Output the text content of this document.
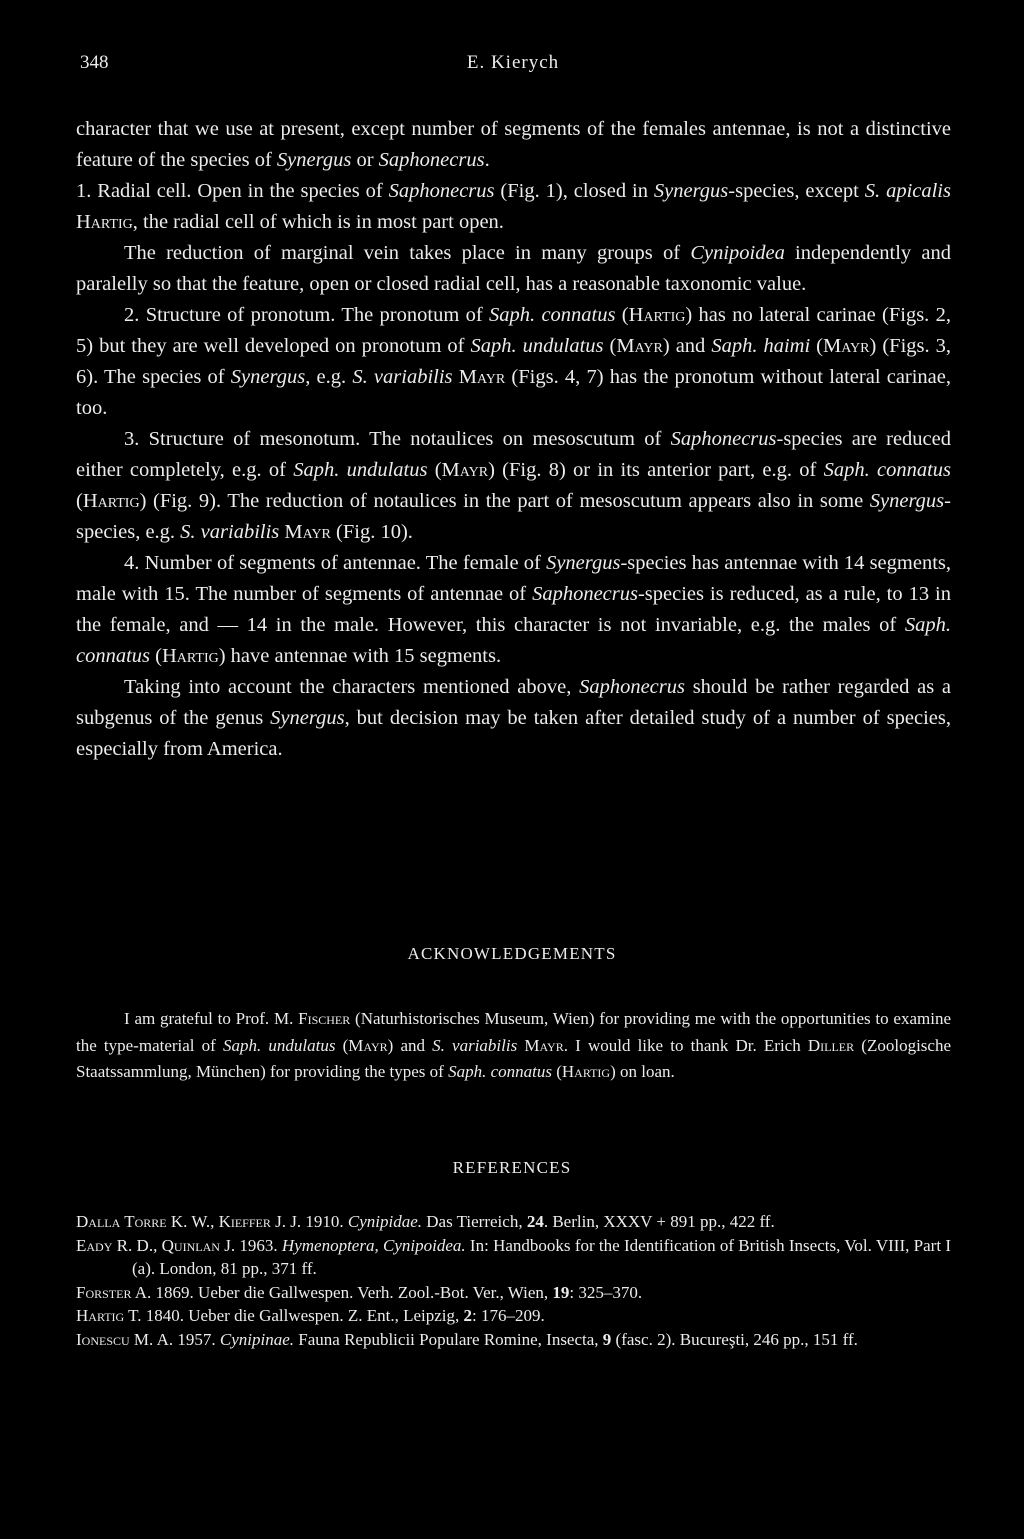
348	E. Kierych

character that we use at present, except number of segments of the females antennae, is not a distinctive feature of the species of Synergus or Saphonecrus.

1. Radial cell. Open in the species of Saphonecrus (Fig. 1), closed in Synergus-species, except S. apicalis Hartig, the radial cell of which is in most part open.

The reduction of marginal vein takes place in many groups of Cynipoidea independently and paralelly so that the feature, open or closed radial cell, has a reasonable taxonomic value.

2. Structure of pronotum. The pronotum of Saph. connatus (Hartig) has no lateral carinae (Figs. 2, 5) but they are well developed on pronotum of Saph. undulatus (Mayr) and Saph. haimi (Mayr) (Figs. 3, 6). The species of Synergus, e.g. S. variabilis Mayr (Figs. 4, 7) has the pronotum without lateral carinae, too.

3. Structure of mesonotum. The notaulices on mesoscutum of Saphonecrus-species are reduced either completely, e.g. of Saph. undulatus (Mayr) (Fig. 8) or in its anterior part, e.g. of Saph. connatus (Hartig) (Fig. 9). The reduction of notaulices in the part of mesoscutum appears also in some Synergus-species, e.g. S. variabilis Mayr (Fig. 10).

4. Number of segments of antennae. The female of Synergus-species has antennae with 14 segments, male with 15. The number of segments of antennae of Saphonecrus-species is reduced, as a rule, to 13 in the female, and — 14 in the male. However, this character is not invariable, e.g. the males of Saph. connatus (Hartig) have antennae with 15 segments.

Taking into account the characters mentioned above, Saphonecrus should be rather regarded as a subgenus of the genus Synergus, but decision may be taken after detailed study of a number of species, especially from America.

ACKNOWLEDGEMENTS

I am grateful to Prof. M. Fischer (Naturhistorisches Museum, Wien) for providing me with the opportunities to examine the type-material of Saph. undulatus (Mayr) and S. variabilis Mayr. I would like to thank Dr. Erich Diller (Zoologische Staatssammlung, München) for providing the types of Saph. connatus (Hartig) on loan.

REFERENCES

Dalla Torre K. W., Kieffer J. J. 1910. Cynipidae. Das Tierreich, 24. Berlin, XXXV + 891 pp., 422 ff.

Eady R. D., Quinlan J. 1963. Hymenoptera, Cynipoidea. In: Handbooks for the Identification of British Insects, Vol. VIII, Part I (a). London, 81 pp., 371 ff.

Forster A. 1869. Ueber die Gallwespen. Verh. Zool.-Bot. Ver., Wien, 19: 325–370.

Hartig T. 1840. Ueber die Gallwespen. Z. Ent., Leipzig, 2: 176–209.

Ionescu M. A. 1957. Cynipinae. Fauna Republicii Populare Romine, Insecta, 9 (fasc. 2). Bucureşti, 246 pp., 151 ff.
